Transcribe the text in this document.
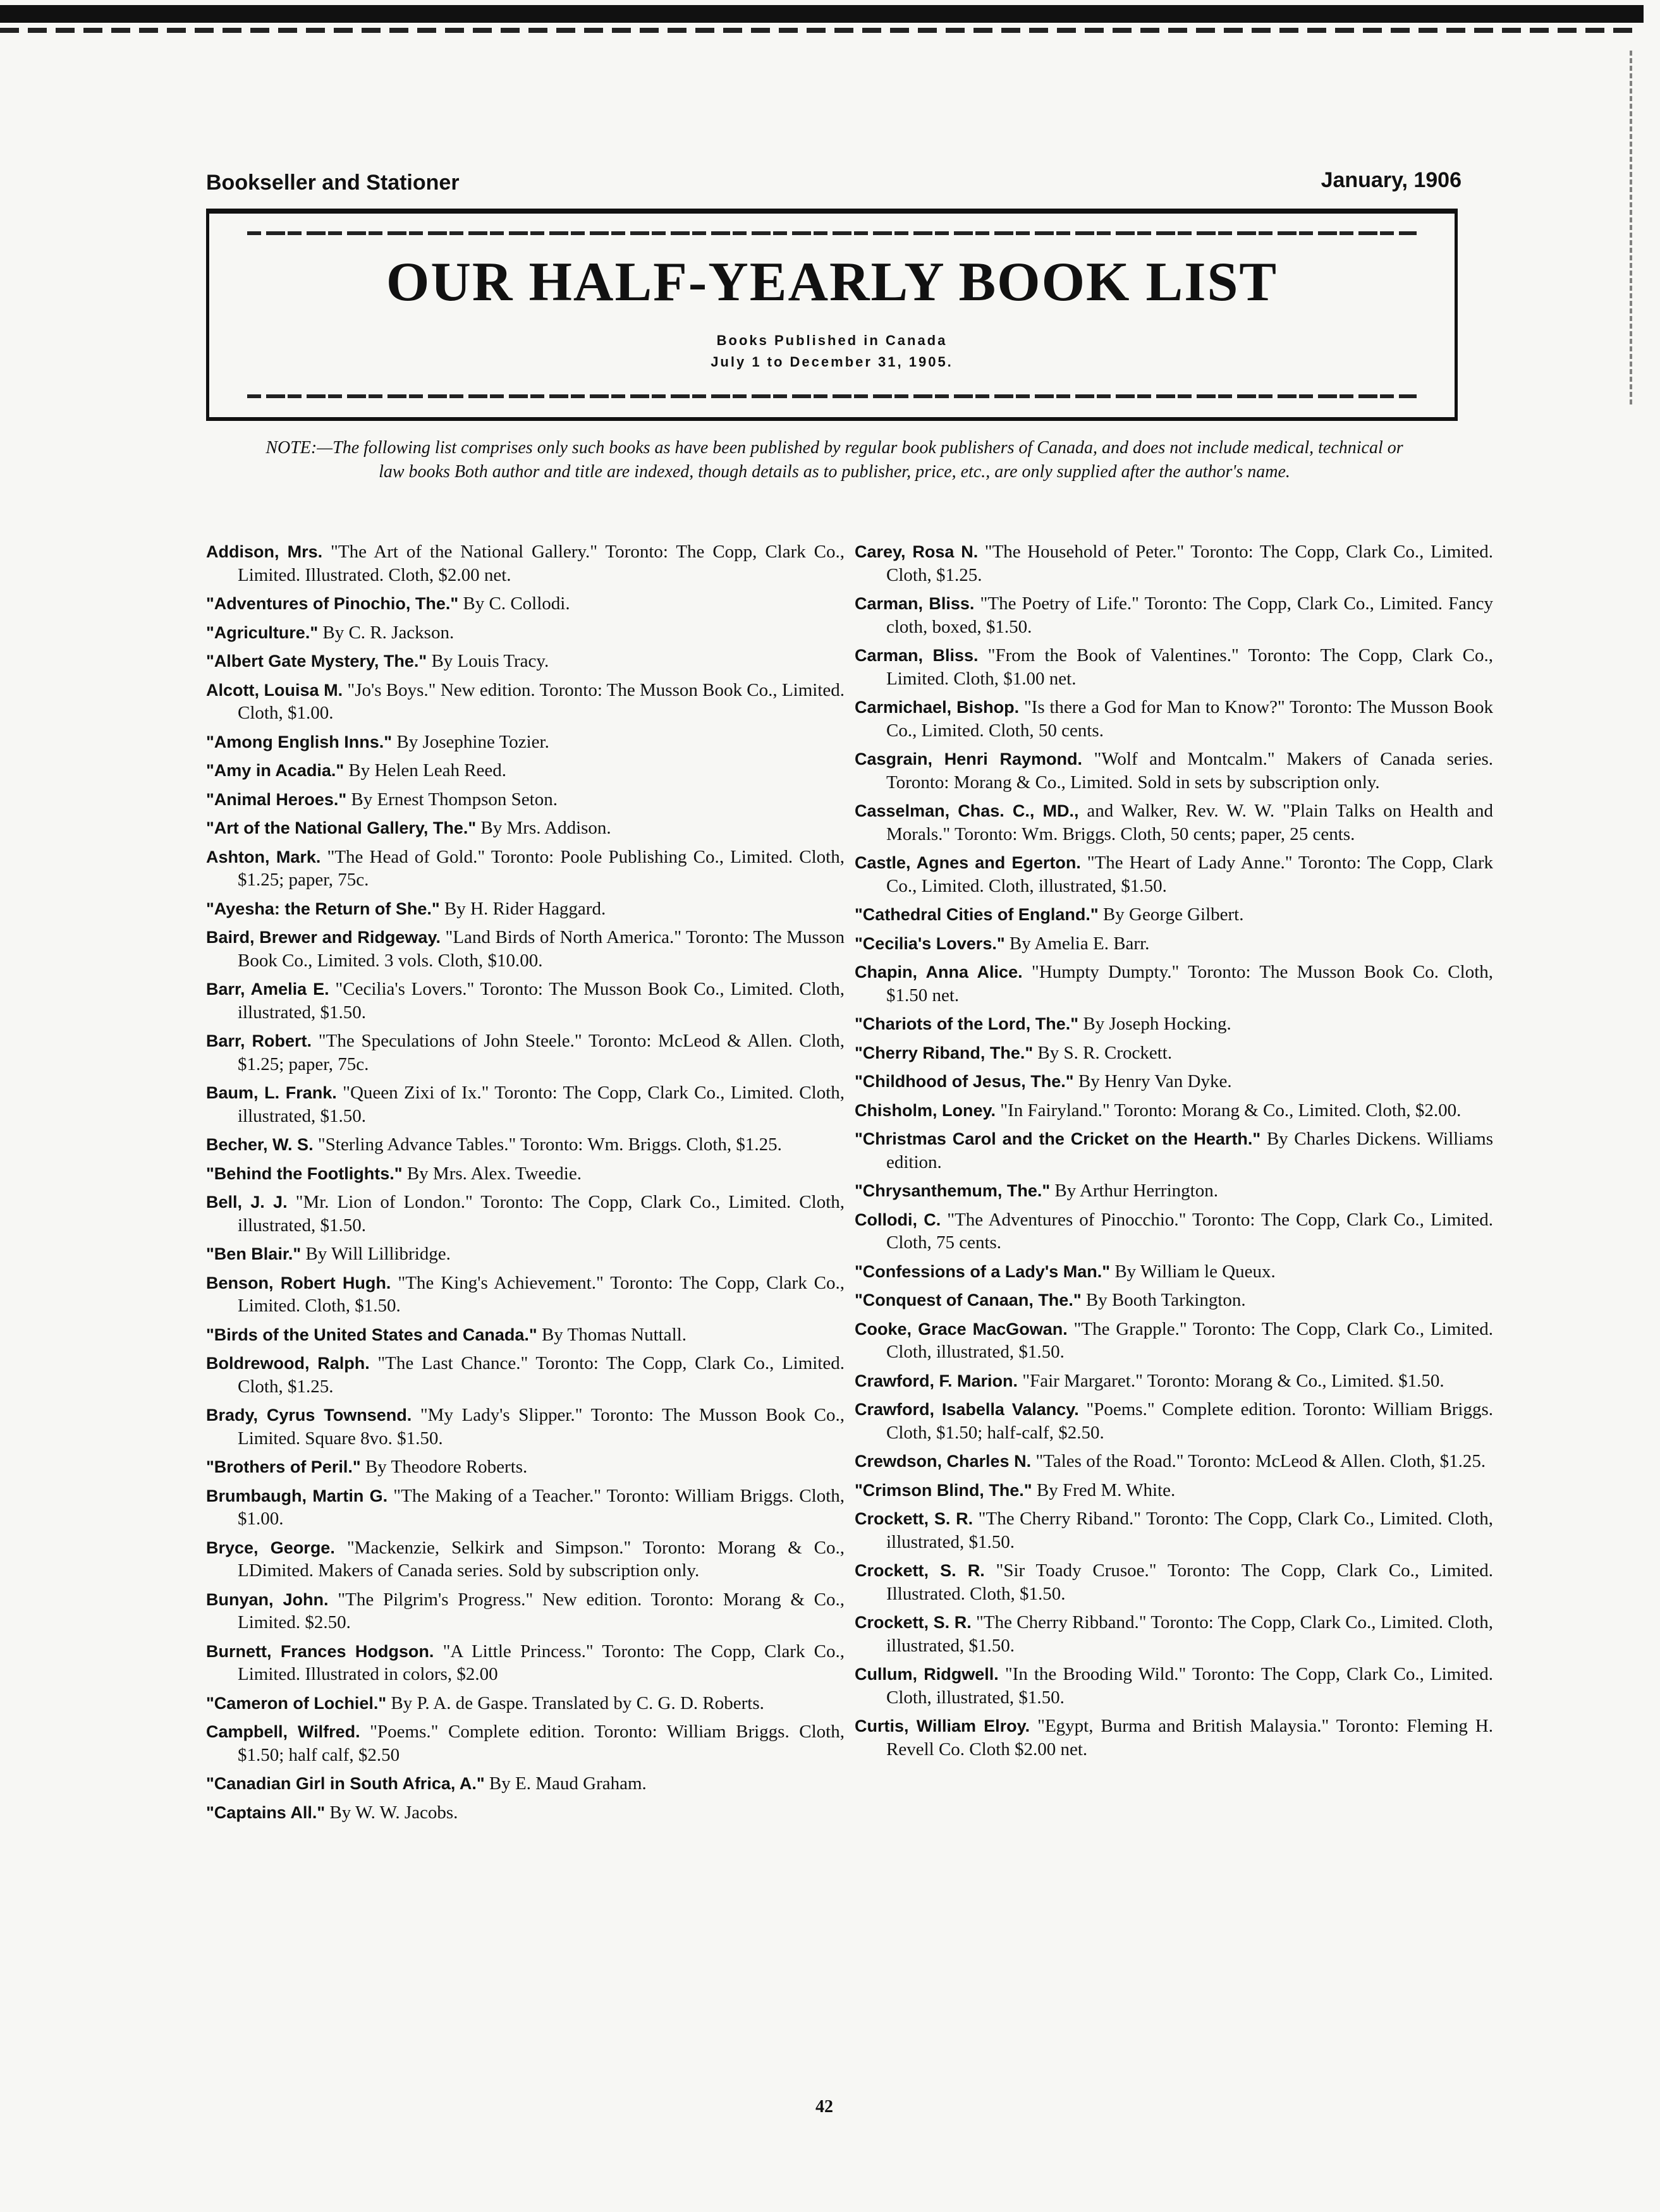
Bookseller and Stationer	January, 1906
OUR HALF-YEARLY BOOK LIST
Books Published in Canada
July 1 to December 31, 1905.
NOTE:—The following list comprises only such books as have been published by regular book publishers of Canada, and does not include medical, technical or law books Both author and title are indexed, though details as to publisher, price, etc., are only supplied after the author's name.
Addison, Mrs. "The Art of the National Gallery." Toronto: The Copp, Clark Co., Limited. Illustrated. Cloth, $2.00 net.
"Adventures of Pinochio, The." By C. Collodi.
"Agriculture." By C. R. Jackson.
"Albert Gate Mystery, The." By Louis Tracy.
Alcott, Louisa M. "Jo's Boys." New edition. Toronto: The Musson Book Co., Limited. Cloth, $1.00.
"Among English Inns." By Josephine Tozier.
"Amy in Acadia." By Helen Leah Reed.
"Animal Heroes." By Ernest Thompson Seton.
"Art of the National Gallery, The." By Mrs. Addison.
Ashton, Mark. "The Head of Gold." Toronto: Poole Publishing Co., Limited. Cloth, $1.25; paper, 75c.
"Ayesha: the Return of She." By H. Rider Haggard.
Baird, Brewer and Ridgeway. "Land Birds of North America." Toronto: The Musson Book Co., Limited. 3 vols. Cloth, $10.00.
Barr, Amelia E. "Cecilia's Lovers." Toronto: The Musson Book Co., Limited. Cloth, illustrated, $1.50.
Barr, Robert. "The Speculations of John Steele." Toronto: McLeod & Allen. Cloth, $1.25; paper, 75c.
Baum, L. Frank. "Queen Zixi of Ix." Toronto: The Copp, Clark Co., Limited. Cloth, illustrated, $1.50.
Becher, W. S. "Sterling Advance Tables." Toronto: Wm. Briggs. Cloth, $1.25.
"Behind the Footlights." By Mrs. Alex. Tweedie.
Bell, J. J. "Mr. Lion of London." Toronto: The Copp, Clark Co., Limited. Cloth, illustrated, $1.50.
"Ben Blair." By Will Lillibridge.
Benson, Robert Hugh. "The King's Achievement." Toronto: The Copp, Clark Co., Limited. Cloth, $1.50.
"Birds of the United States and Canada." By Thomas Nuttall.
Boldrewood, Ralph. "The Last Chance." Toronto: The Copp, Clark Co., Limited. Cloth, $1.25.
Brady, Cyrus Townsend. "My Lady's Slipper." Toronto: The Musson Book Co., Limited. Square 8vo. $1.50.
"Brothers of Peril." By Theodore Roberts.
Brumbaugh, Martin G. "The Making of a Teacher." Toronto: William Briggs. Cloth, $1.00.
Bryce, George. "Mackenzie, Selkirk and Simpson." Toronto: Morang & Co., LDimited. Makers of Canada series. Sold by subscription only.
Bunyan, John. "The Pilgrim's Progress." New edition. Toronto: Morang & Co., Limited. $2.50.
Burnett, Frances Hodgson. "A Little Princess." Toronto: The Copp, Clark Co., Limited. Illustrated in colors, $2.00
"Cameron of Lochiel." By P. A. de Gaspe. Translated by C. G. D. Roberts.
Campbell, Wilfred. "Poems." Complete edition. Toronto: William Briggs. Cloth, $1.50; half calf, $2.50
"Canadian Girl in South Africa, A." By E. Maud Graham.
"Captains All." By W. W. Jacobs.
Carey, Rosa N. "The Household of Peter." Toronto: The Copp, Clark Co., Limited. Cloth, $1.25.
Carman, Bliss. "The Poetry of Life." Toronto: The Copp, Clark Co., Limited. Fancy cloth, boxed, $1.50.
Carman, Bliss. "From the Book of Valentines." Toronto: The Copp, Clark Co., Limited. Cloth, $1.00 net.
Carmichael, Bishop. "Is there a God for Man to Know?" Toronto: The Musson Book Co., Limited. Cloth, 50 cents.
Casgrain, Henri Raymond. "Wolf and Montcalm." Makers of Canada series. Toronto: Morang & Co., Limited. Sold in sets by subscription only.
Casselman, Chas. C., MD., and Walker, Rev. W. W. "Plain Talks on Health and Morals." Toronto: Wm. Briggs. Cloth, 50 cents; paper, 25 cents.
Castle, Agnes and Egerton. "The Heart of Lady Anne." Toronto: The Copp, Clark Co., Limited. Cloth, illustrated, $1.50.
"Cathedral Cities of England." By George Gilbert.
"Cecilia's Lovers." By Amelia E. Barr.
Chapin, Anna Alice. "Humpty Dumpty." Toronto: The Musson Book Co. Cloth, $1.50 net.
"Chariots of the Lord, The." By Joseph Hocking.
"Cherry Riband, The." By S. R. Crockett.
"Childhood of Jesus, The." By Henry Van Dyke.
Chisholm, Loney. "In Fairyland." Toronto: Morang & Co., Limited. Cloth, $2.00.
"Christmas Carol and the Cricket on the Hearth." By Charles Dickens. Williams edition.
"Chrysanthemum, The." By Arthur Herrington.
Collodi, C. "The Adventures of Pinocchio." Toronto: The Copp, Clark Co., Limited. Cloth, 75 cents.
"Confessions of a Lady's Man." By William le Queux.
"Conquest of Canaan, The." By Booth Tarkington.
Cooke, Grace MacGowan. "The Grapple." Toronto: The Copp, Clark Co., Limited. Cloth, illustrated, $1.50.
Crawford, F. Marion. "Fair Margaret." Toronto: Morang & Co., Limited. $1.50.
Crawford, Isabella Valancy. "Poems." Complete edition. Toronto: William Briggs. Cloth, $1.50; half-calf, $2.50.
Crewdson, Charles N. "Tales of the Road." Toronto: McLeod & Allen. Cloth, $1.25.
"Crimson Blind, The." By Fred M. White.
Crockett, S. R. "The Cherry Riband." Toronto: The Copp, Clark Co., Limited. Cloth, illustrated, $1.50.
Crockett, S. R. "Sir Toady Crusoe." Toronto: The Copp, Clark Co., Limited. Illustrated. Cloth, $1.50.
Crockett, S. R. "The Cherry Ribband." Toronto: The Copp, Clark Co., Limited. Cloth, illustrated, $1.50.
Cullum, Ridgwell. "In the Brooding Wild." Toronto: The Copp, Clark Co., Limited. Cloth, illustrated, $1.50.
Curtis, William Elroy. "Egypt, Burma and British Malaysia." Toronto: Fleming H. Revell Co. Cloth $2.00 net.
42
